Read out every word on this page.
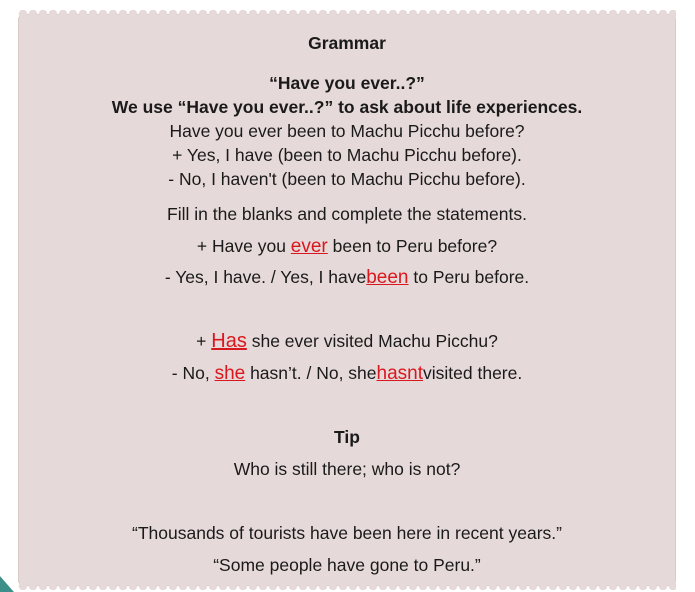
Grammar
“Have you ever..?”
We use “Have you ever..?” to ask about life experiences.
Have you ever been to Machu Picchu before?
+ Yes, I have (been to Machu Picchu before).
- No, I haven't (been to Machu Picchu before).
Fill in the blanks and complete the statements.
+ Have you ever been to Peru before?
- Yes, I have. / Yes, I havebeen to Peru before.
+ Has she ever visited Machu Picchu?
- No, she hasn’t. / No, shehasntvisited there.
Tip
Who is still there; who is not?
“Thousands of tourists have been here in recent years.”
“Some people have gone to Peru.”
